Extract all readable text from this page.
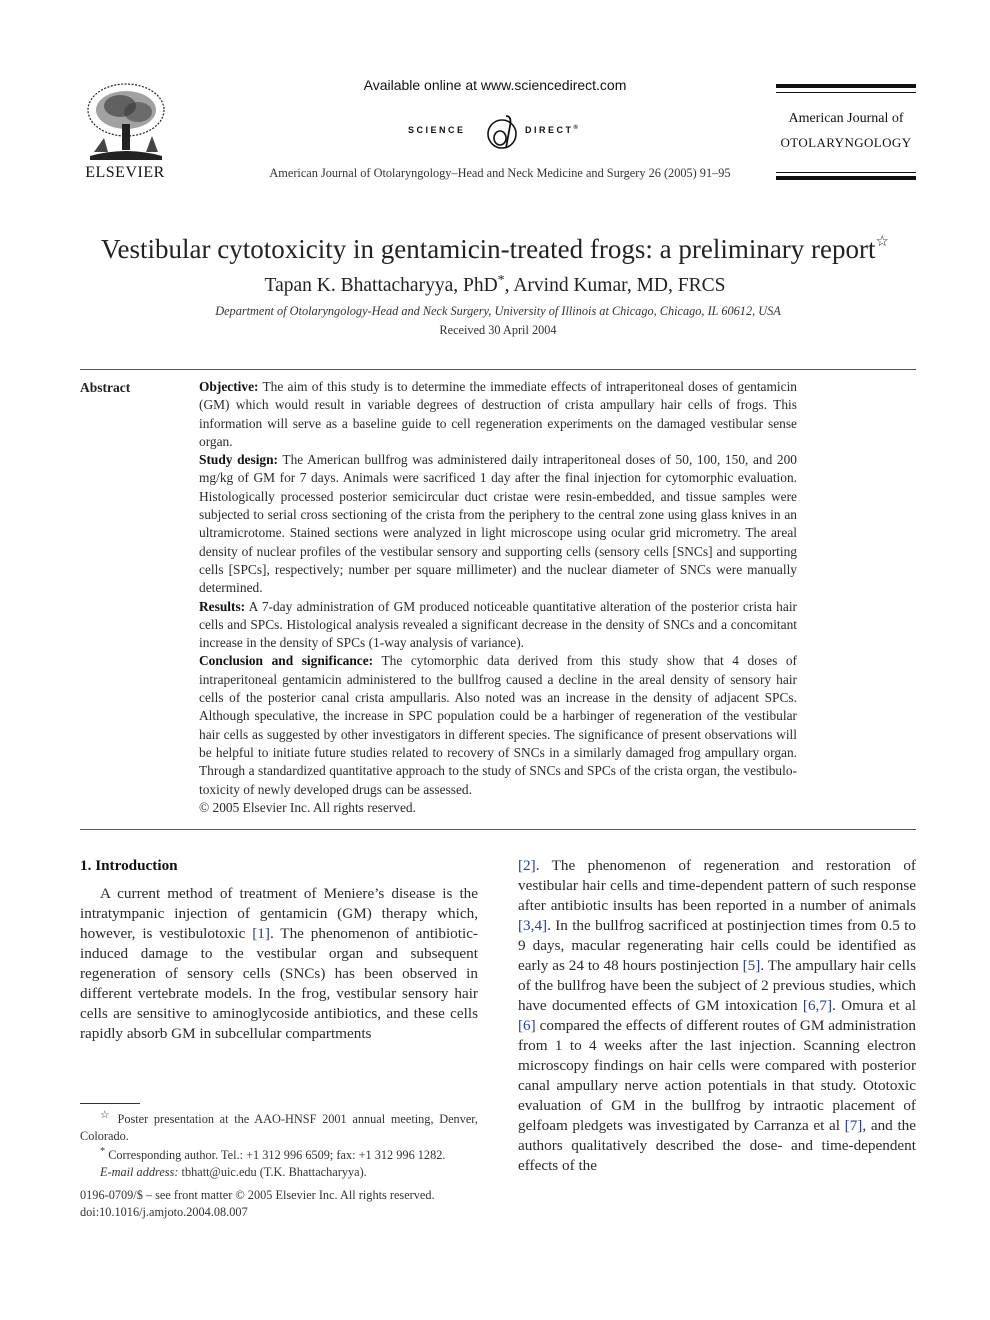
ELSEVIER
Available online at www.sciencedirect.com
SCIENCE	DIRECT®
American Journal of Otolaryngology–Head and Neck Medicine and Surgery 26 (2005) 91–95
American Journal of
OTOLARYNGOLOGY
Vestibular cytotoxicity in gentamicin-treated frogs: a preliminary report☆
Tapan K. Bhattacharyya, PhD*, Arvind Kumar, MD, FRCS
Department of Otolaryngology-Head and Neck Surgery, University of Illinois at Chicago, Chicago, IL 60612, USA
Received 30 April 2004
Abstract	Objective: The aim of this study is to determine the immediate effects of intraperitoneal doses of gentamicin (GM) which would result in variable degrees of destruction of crista ampullary hair cells of frogs. This information will serve as a baseline guide to cell regeneration experiments on the damaged vestibular sense organ.

Study design: The American bullfrog was administered daily intraperitoneal doses of 50, 100, 150, and 200 mg/kg of GM for 7 days. Animals were sacrificed 1 day after the final injection for cytomorphic evaluation. Histologically processed posterior semicircular duct cristae were resin-embedded, and tissue samples were subjected to serial cross sectioning of the crista from the periphery to the central zone using glass knives in an ultramicrotome. Stained sections were analyzed in light microscope using ocular grid micrometry. The areal density of nuclear profiles of the vestibular sensory and supporting cells (sensory cells [SNCs] and supporting cells [SPCs], respectively; number per square millimeter) and the nuclear diameter of SNCs were manually determined.

Results: A 7-day administration of GM produced noticeable quantitative alteration of the posterior crista hair cells and SPCs. Histological analysis revealed a significant decrease in the density of SNCs and a concomitant increase in the density of SPCs (1-way analysis of variance).

Conclusion and significance: The cytomorphic data derived from this study show that 4 doses of intraperitoneal gentamicin administered to the bullfrog caused a decline in the areal density of sensory hair cells of the posterior canal crista ampullaris. Also noted was an increase in the density of adjacent SPCs. Although speculative, the increase in SPC population could be a harbinger of regeneration of the vestibular hair cells as suggested by other investigators in different species. The significance of present observations will be helpful to initiate future studies related to recovery of SNCs in a similarly damaged frog ampullary organ. Through a standardized quantitative approach to the study of SNCs and SPCs of the crista organ, the vestibulo-toxicity of newly developed drugs can be assessed.

© 2005 Elsevier Inc. All rights reserved.

1. Introduction

A current method of treatment of Meniere’s disease is the intratympanic injection of gentamicin (GM) therapy which, however, is vestibulotoxic [1]. The phenomenon of antibiotic-induced damage to the vestibular organ and subsequent regeneration of sensory cells (SNCs) has been observed in different vertebrate models. In the frog, vestibular sensory hair cells are sensitive to aminoglycoside antibiotics, and these cells rapidly absorb GM in subcellular compartments

[2]. The phenomenon of regeneration and restoration of vestibular hair cells and time-dependent pattern of such response after antibiotic insults has been reported in a number of animals [3,4]. In the bullfrog sacrificed at postinjection times from 0.5 to 9 days, macular regenerating hair cells could be identified as early as 24 to 48 hours postinjection [5]. The ampullary hair cells of the bullfrog have been the subject of 2 previous studies, which have documented effects of GM intoxication [6,7]. Omura et al [6] compared the effects of different routes of GM administration from 1 to 4 weeks after the last injection. Scanning electron microscopy findings on hair cells were compared with posterior canal ampullary nerve action potentials in that study. Ototoxic evaluation of GM in the bullfrog by intraotic placement of gelfoam pledgets was investigated by Carranza et al [7], and the authors qualitatively described the dose- and time-dependent effects of the

☆ Poster presentation at the AAO-HNSF 2001 annual meeting, Denver, Colorado.

* Corresponding author. Tel.: +1 312 996 6509; fax: +1 312 996 1282.

E-mail address: tbhatt@uic.edu (T.K. Bhattacharyya).

0196-0709/$ – see front matter © 2005 Elsevier Inc. All rights reserved.

doi:10.1016/j.amjoto.2004.08.007
